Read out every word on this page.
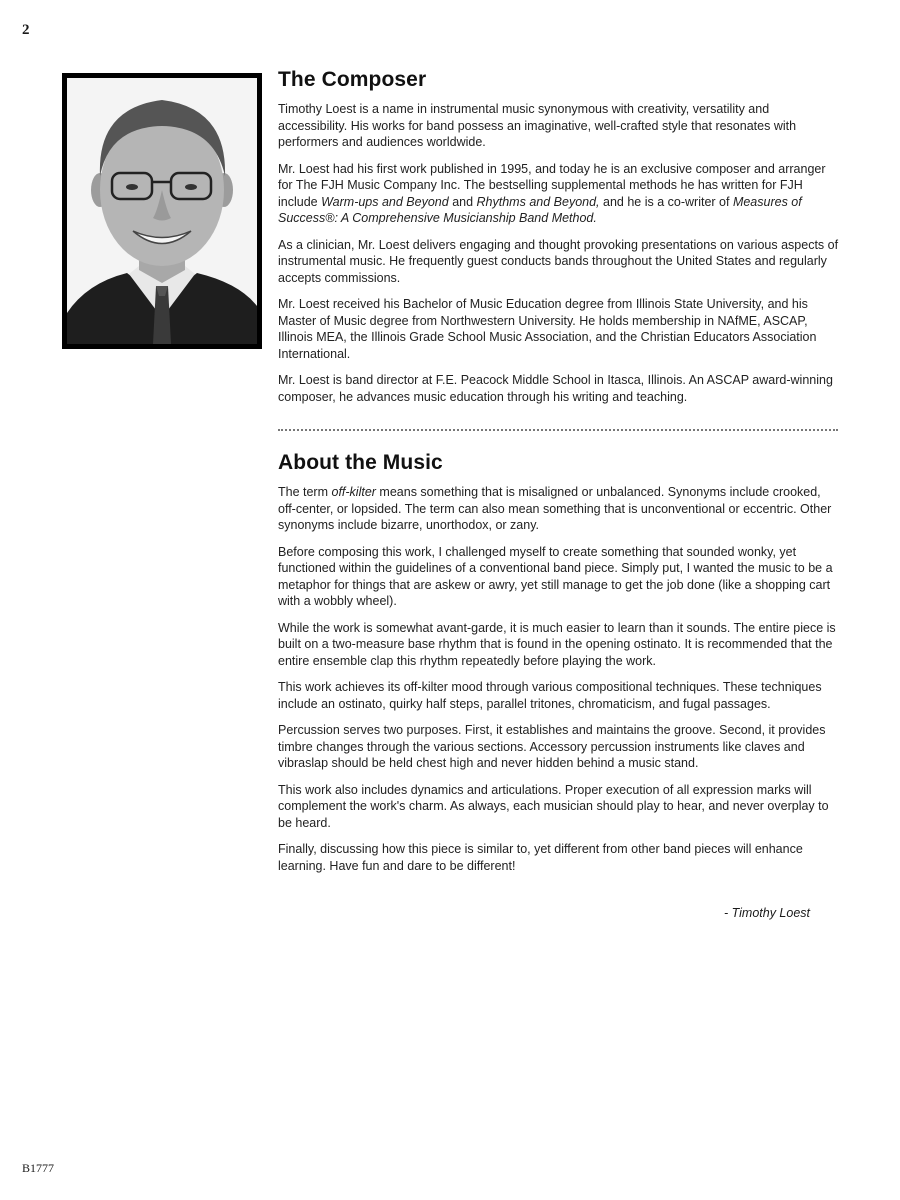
2
The Composer

Timothy Loest is a name in instrumental music synonymous with creativity, versatility and accessibility. His works for band possess an imaginative, well-crafted style that resonates with performers and audiences worldwide.

Mr. Loest had his first work published in 1995, and today he is an exclusive composer and arranger for The FJH Music Company Inc. The bestselling supplemental methods he has written for FJH include Warm-ups and Beyond and Rhythms and Beyond, and he is a co-writer of Measures of Success®: A Comprehensive Musicianship Band Method.

As a clinician, Mr. Loest delivers engaging and thought provoking presentations on various aspects of instrumental music. He frequently guest conducts bands throughout the United States and regularly accepts commissions.

Mr. Loest received his Bachelor of Music Education degree from Illinois State University, and his Master of Music degree from Northwestern University. He holds membership in NAfME, ASCAP, Illinois MEA, the Illinois Grade School Music Association, and the Christian Educators Association International.

Mr. Loest is band director at F.E. Peacock Middle School in Itasca, Illinois. An ASCAP award-winning composer, he advances music education through his writing and teaching.

About the Music

The term off-kilter means something that is misaligned or unbalanced. Synonyms include crooked, off-center, or lopsided. The term can also mean something that is unconventional or eccentric. Other synonyms include bizarre, unorthodox, or zany.

Before composing this work, I challenged myself to create something that sounded wonky, yet functioned within the guidelines of a conventional band piece. Simply put, I wanted the music to be a metaphor for things that are askew or awry, yet still manage to get the job done (like a shopping cart with a wobbly wheel).

While the work is somewhat avant-garde, it is much easier to learn than it sounds. The entire piece is built on a two-measure base rhythm that is found in the opening ostinato. It is recommended that the entire ensemble clap this rhythm repeatedly before playing the work.

This work achieves its off-kilter mood through various compositional techniques. These techniques include an ostinato, quirky half steps, parallel tritones, chromaticism, and fugal passages.

Percussion serves two purposes. First, it establishes and maintains the groove. Second, it provides timbre changes through the various sections. Accessory percussion instruments like claves and vibraslap should be held chest high and never hidden behind a music stand.

This work also includes dynamics and articulations. Proper execution of all expression marks will complement the work's charm. As always, each musician should play to hear, and never overplay to be heard.

Finally, discussing how this piece is similar to, yet different from other band pieces will enhance learning. Have fun and dare to be different!

- Timothy Loest
B1777
